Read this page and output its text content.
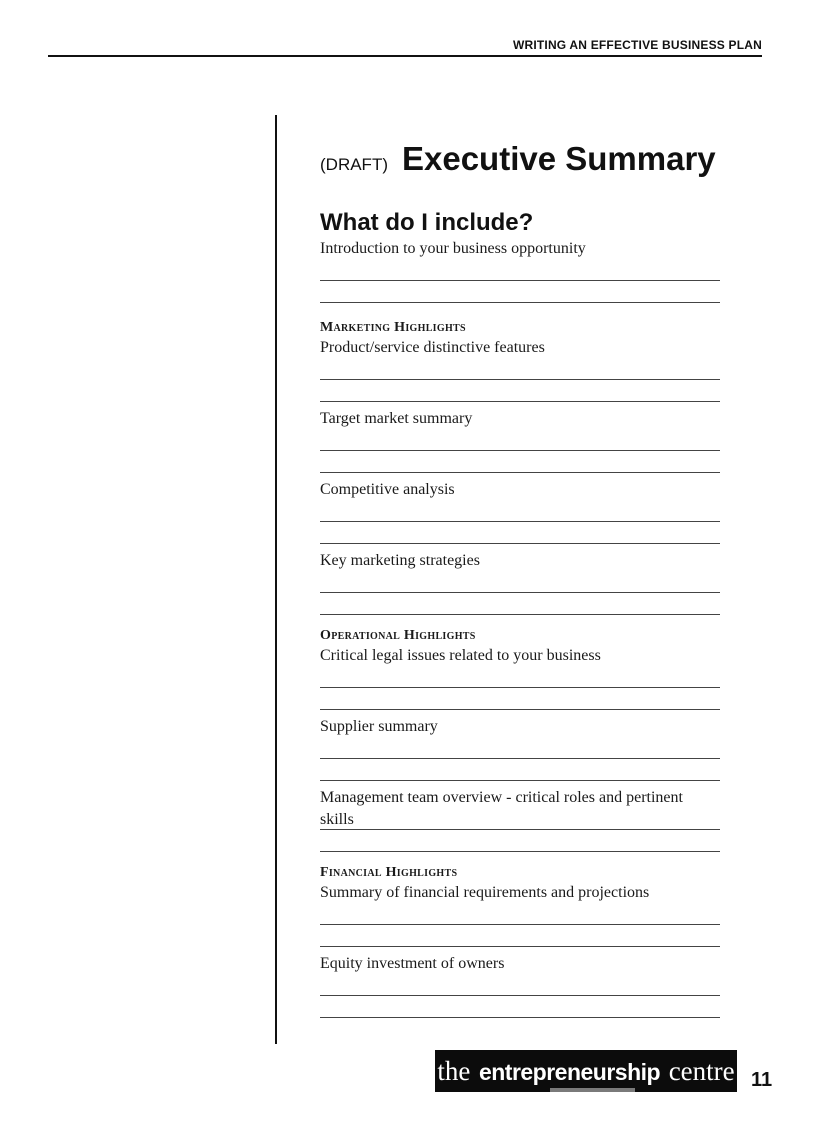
WRITING AN EFFECTIVE BUSINESS PLAN
(DRAFT) Executive Summary
What do I include?
Introduction to your business opportunity
Marketing Highlights
Product/service distinctive features
Target market summary
Competitive analysis
Key marketing strategies
Operational Highlights
Critical legal issues related to your business
Supplier summary
Management team overview - critical roles and pertinent skills
Financial Highlights
Summary of financial requirements and projections
Equity investment of owners
the entrepreneurship centre 11
